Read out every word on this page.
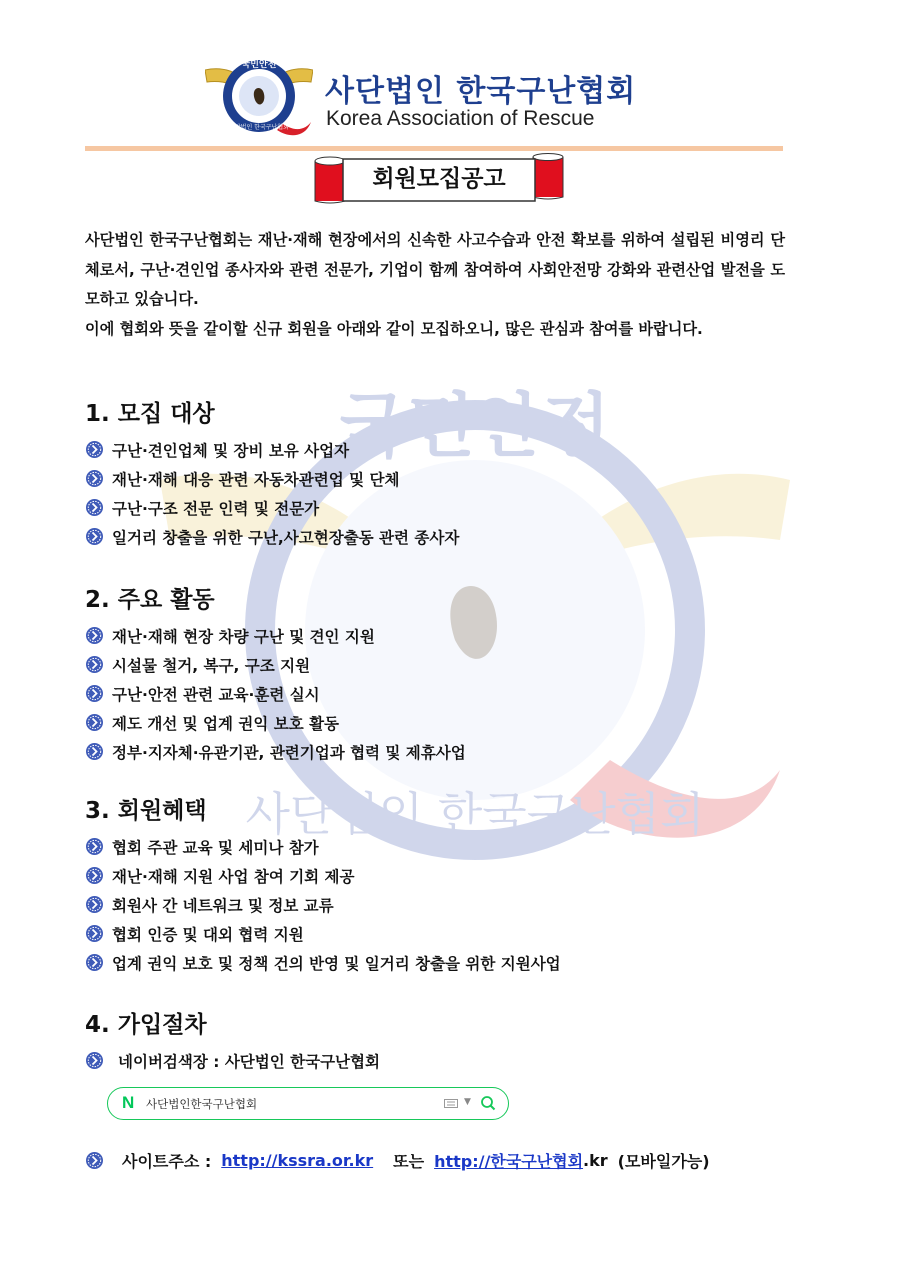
국민안전
사단법인 한국구난협회
국민안전
사단법인 한국구난협회
사단법인 한국구난협회
Korea Association of Rescue
회원모집공고

사단법인 한국구난협회는 재난·재해 현장에서의 신속한 사고수습과 안전 확보를 위하여 설립된 비영리 단체로서, 구난·견인업 종사자와 관련 전문가, 기업이 함께 참여하여 사회안전망 강화와 관련산업 발전을 도모하고 있습니다.

이에 협회와 뜻을 같이할 신규 회원을 아래와 같이 모집하오니, 많은 관심과 참여를 바랍니다.

1. 모집 대상
구난·견인업체 및 장비 보유 사업자
재난·재해 대응 관련 자동차관련업 및 단체
구난·구조 전문 인력 및 전문가
일거리 창출을 위한 구난,사고현장출동 관련 종사자
2. 주요 활동
재난·재해 현장 차량 구난 및 견인 지원
시설물 철거, 복구, 구조 지원
구난·안전 관련 교육·훈련 실시
제도 개선 및 업계 권익 보호 활동
정부·지자체·유관기관, 관련기업과 협력 및 제휴사업
3. 회원혜택
협회 주관 교육 및 세미나 참가
재난·재해 지원 사업 참여 기회 제공
회원사 간 네트워크 및 정보 교류
협회 인증 및 대외 협력 지원
업계 권익 보호 및 정책 건의 반영 및 일거리 창출을 위한 지원사업
4. 가입절차
네이버검색장 : 사단법인 한국구난협회
N 사단법인한국구난협회	▼
사이트주소 : http://kssra.or.kr 또는 http://한국구난협회 .kr (모바일가능)
